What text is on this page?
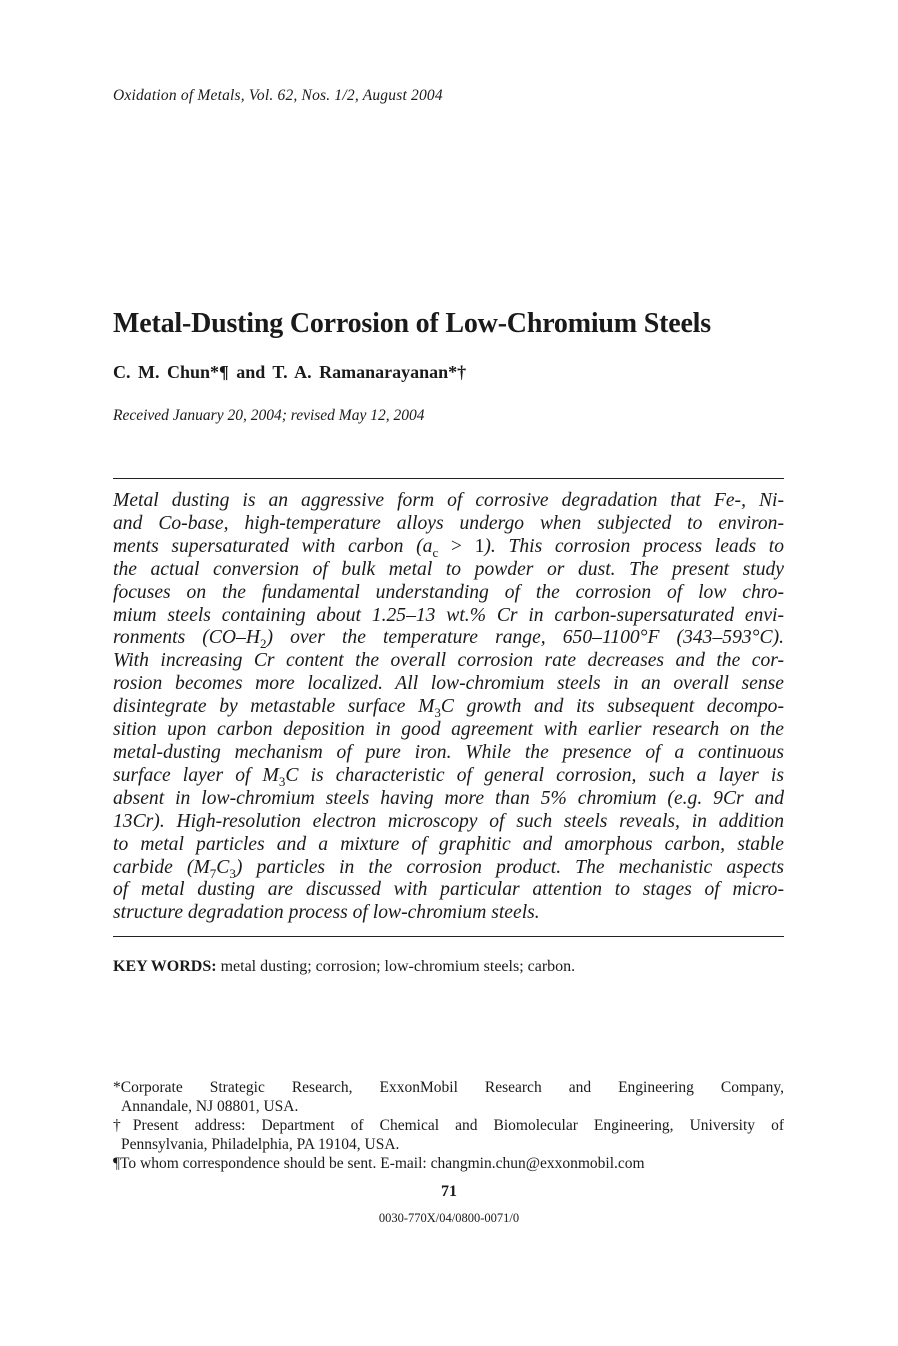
Oxidation of Metals, Vol. 62, Nos. 1/2, August 2004
Metal-Dusting Corrosion of Low-Chromium Steels
C. M. Chun*¶ and T. A. Ramanarayanan*†
Received January 20, 2004; revised May 12, 2004
Metal dusting is an aggressive form of corrosive degradation that Fe-, Ni-
and Co-base, high-temperature alloys undergo when subjected to environ-
ments supersaturated with carbon $(a_c > 1)$. This corrosion process leads to
the actual conversion of bulk metal to powder or dust. The present study
focuses on the fundamental understanding of the corrosion of low chro-
mium steels containing about 1.25–13 wt.% Cr in carbon-supersaturated envi-
ronments $(CO-H_2)$ over the temperature range, 650–1100°F (343–593°C).
With increasing Cr content the overall corrosion rate decreases and the cor-
rosion becomes more localized. All low-chromium steels in an overall sense
disintegrate by metastable surface $M_3C$ growth and its subsequent decompo-
sition upon carbon deposition in good agreement with earlier research on the
metal-dusting mechanism of pure iron. While the presence of a continuous
surface layer of $M_3C$ is characteristic of general corrosion, such a layer is
absent in low-chromium steels having more than 5% chromium (e.g. 9Cr and
13Cr). High-resolution electron microscopy of such steels reveals, in addition
to metal particles and a mixture of graphitic and amorphous carbon, stable
carbide $(M_7C_3)$ particles in the corrosion product. The mechanistic aspects
of metal dusting are discussed with particular attention to stages of micro-
structure degradation process of low-chromium steels.
KEY WORDS: metal dusting; corrosion; low-chromium steels; carbon.
*Corporate Strategic Research, ExxonMobil Research and Engineering Company,
Annandale, NJ 08801, USA.
†Present address: Department of Chemical and Biomolecular Engineering, University of
Pennsylvania, Philadelphia, PA 19104, USA.
¶To whom correspondence should be sent. E-mail: changmin.chun@exxonmobil.com
71
0030-770X/04/0800-0071/0
